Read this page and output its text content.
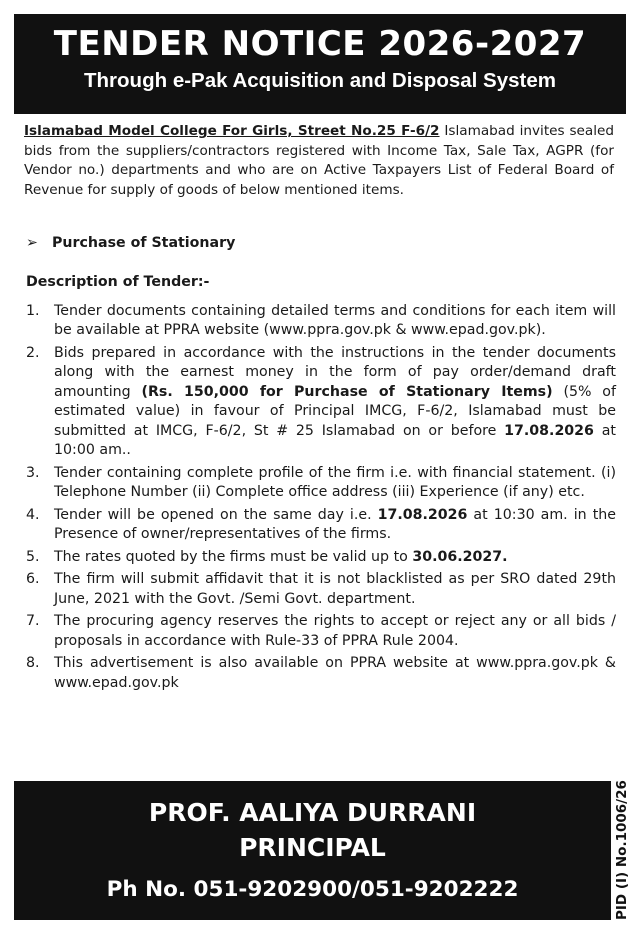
TENDER NOTICE 2026-2027
Through e-Pak Acquisition and Disposal System
Islamabad Model College For Girls, Street No.25 F-6/2 Islamabad invites sealed bids from the suppliers/contractors registered with Income Tax, Sale Tax, AGPR (for Vendor no.) departments and who are on Active Taxpayers List of Federal Board of Revenue for supply of goods of below mentioned items.
➢ Purchase of Stationary
Description of Tender:-
1. Tender documents containing detailed terms and conditions for each item will be available at PPRA website (www.ppra.gov.pk & www.epad.gov.pk).
2. Bids prepared in accordance with the instructions in the tender documents along with the earnest money in the form of pay order/demand draft amounting (Rs. 150,000 for Purchase of Stationary Items) (5% of estimated value) in favour of Principal IMCG, F-6/2, Islamabad must be submitted at IMCG, F-6/2, St # 25 Islamabad on or before 17.08.2026 at 10:00 am..
3. Tender containing complete profile of the firm i.e. with financial statement. (i) Telephone Number (ii) Complete office address (iii) Experience (if any) etc.
4. Tender will be opened on the same day i.e. 17.08.2026 at 10:30 am. in the Presence of owner/representatives of the firms.
5. The rates quoted by the firms must be valid up to 30.06.2027.
6. The firm will submit affidavit that it is not blacklisted as per SRO dated 29th June, 2021 with the Govt. /Semi Govt. department.
7. The procuring agency reserves the rights to accept or reject any or all bids / proposals in accordance with Rule-33 of PPRA Rule 2004.
8. This advertisement is also available on PPRA website at www.ppra.gov.pk & www.epad.gov.pk
PROF. AALIYA DURRANI
PRINCIPAL
Ph No. 051-9202900/051-9202222	PID (I) No.1006/26
